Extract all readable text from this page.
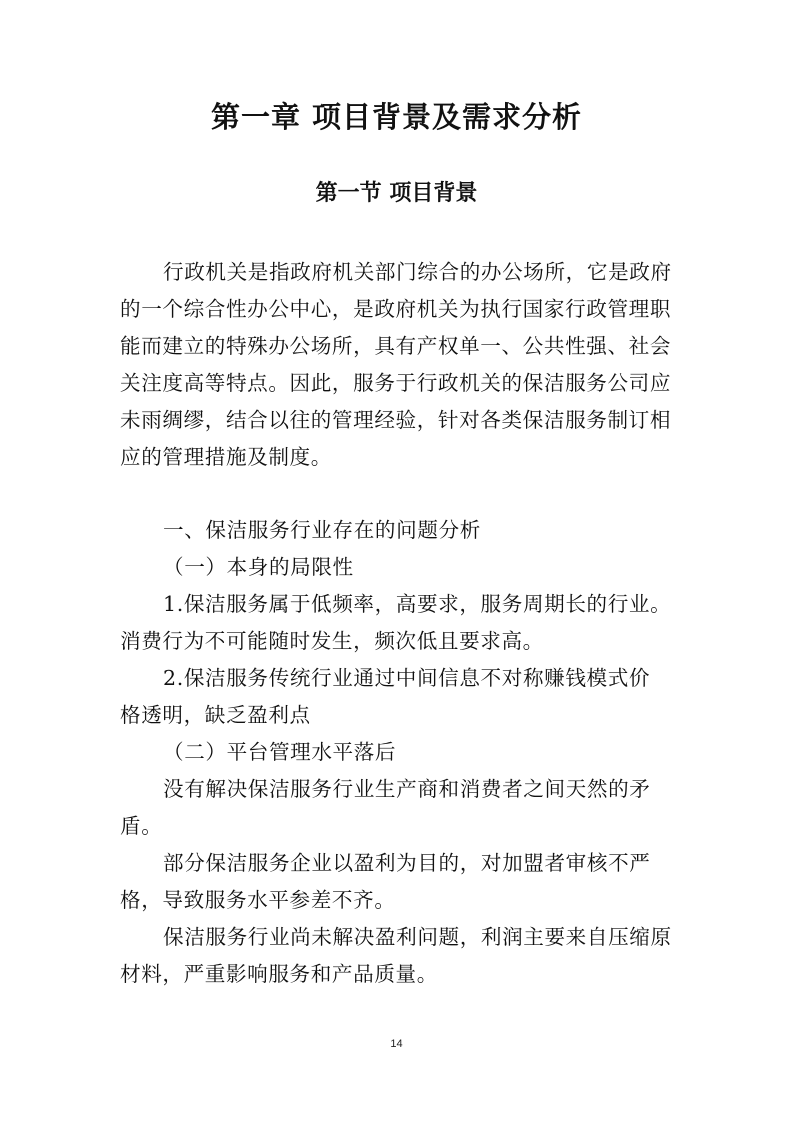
第一章 项目背景及需求分析
第一节 项目背景
行政机关是指政府机关部门综合的办公场所，它是政府
的一个综合性办公中心，是政府机关为执行国家行政管理职
能而建立的特殊办公场所，具有产权单一、公共性强、社会
关注度高等特点。因此，服务于行政机关的保洁服务公司应
未雨绸缪，结合以往的管理经验，针对各类保洁服务制订相
应的管理措施及制度。
一、保洁服务行业存在的问题分析
（一）本身的局限性
1.保洁服务属于低频率，高要求，服务周期长的行业。
消费行为不可能随时发生，频次低且要求高。
2.保洁服务传统行业通过中间信息不对称赚钱模式价
格透明，缺乏盈利点
（二）平台管理水平落后
没有解决保洁服务行业生产商和消费者之间天然的矛
盾。
部分保洁服务企业以盈利为目的，对加盟者审核不严
格，导致服务水平参差不齐。
保洁服务行业尚未解决盈利问题，利润主要来自压缩原
材料，严重影响服务和产品质量。
14
